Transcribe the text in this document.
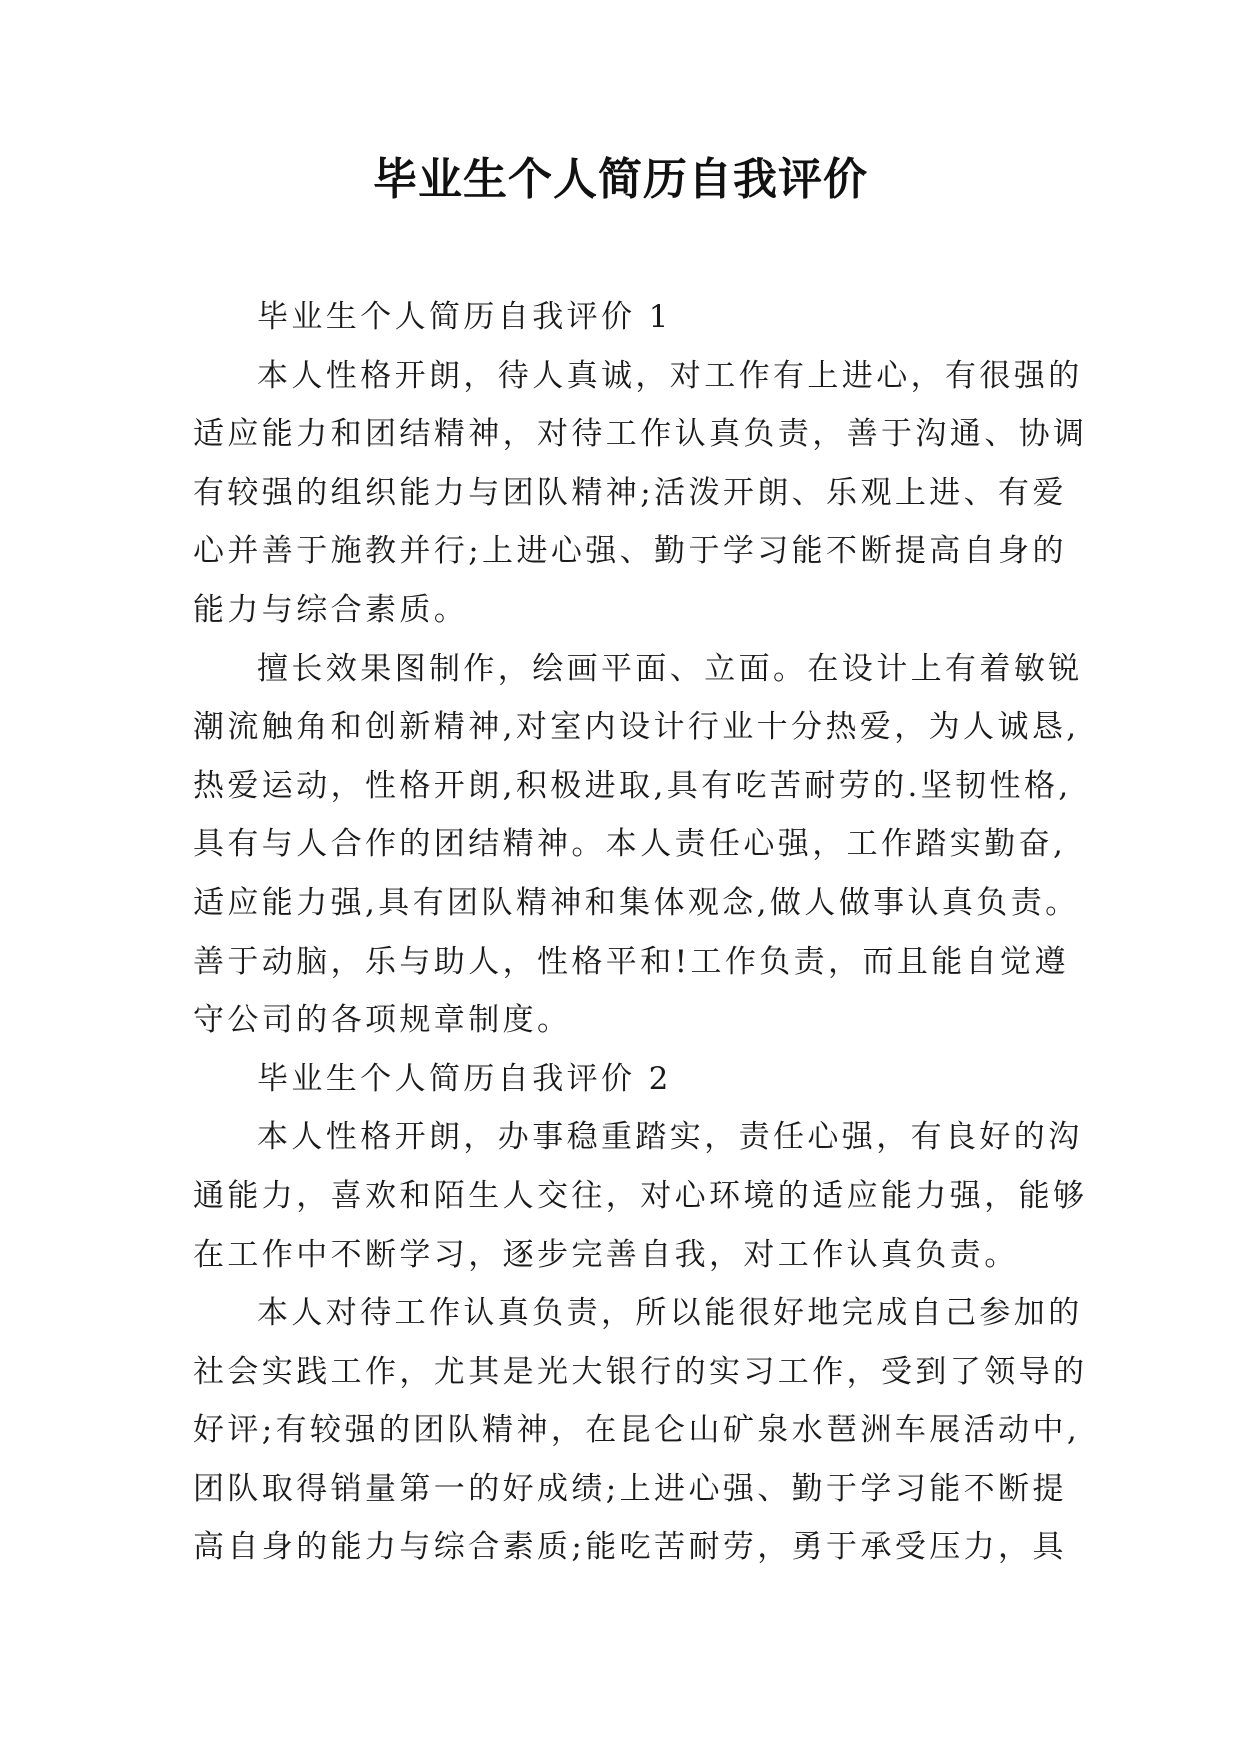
毕业生个人简历自我评价
毕业生个人简历自我评价 1
本人性格开朗，待人真诚，对工作有上进心，有很强的
适应能力和团结精神，对待工作认真负责，善于沟通、协调
有较强的组织能力与团队精神;活泼开朗、乐观上进、有爱
心并善于施教并行;上进心强、勤于学习能不断提高自身的
能力与综合素质。
擅长效果图制作，绘画平面、立面。在设计上有着敏锐
潮流触角和创新精神,对室内设计行业十分热爱，为人诚恳,
热爱运动，性格开朗,积极进取,具有吃苦耐劳的.坚韧性格,
具有与人合作的团结精神。本人责任心强，工作踏实勤奋,
适应能力强,具有团队精神和集体观念,做人做事认真负责。
善于动脑，乐与助人，性格平和!工作负责，而且能自觉遵
守公司的各项规章制度。
毕业生个人简历自我评价 2
本人性格开朗，办事稳重踏实，责任心强，有良好的沟
通能力，喜欢和陌生人交往，对心环境的适应能力强，能够
在工作中不断学习，逐步完善自我，对工作认真负责。
本人对待工作认真负责，所以能很好地完成自己参加的
社会实践工作，尤其是光大银行的实习工作，受到了领导的
好评;有较强的团队精神，在昆仑山矿泉水琶洲车展活动中,
团队取得销量第一的好成绩;上进心强、勤于学习能不断提
高自身的能力与综合素质;能吃苦耐劳，勇于承受压力，具
